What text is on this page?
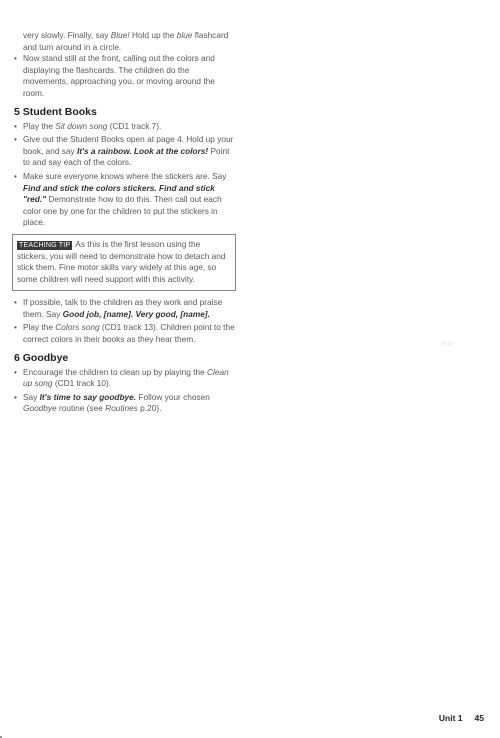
very slowly. Finally, say Blue! Hold up the blue flashcard and turn around in a circle.

• Now stand still at the front, calling out the colors and displaying the flashcards. The children do the movements, approaching you, or moving around the room.
5 Student Books
• Play the Sit down song (CD1 track 7).
• Give out the Student Books open at page 4. Hold up your book, and say It's a rainbow. Look at the colors! Point to and say each of the colors.
• Make sure everyone knows where the stickers are. Say Find and stick the colors stickers. Find and stick "red." Demonstrate how to do this. Then call out each color one by one for the children to put the stickers in place.
TEACHING TIP As this is the first lesson using the stickers, you will need to demonstrate how to detach and stick them. Fine motor skills vary widely at this age, so some children will need support with this activity.
• If possible, talk to the children as they work and praise them. Say Good job, [name]. Very good, [name].
• Play the Colors song (CD1 track 13). Children point to the correct colors in their books as they hear them.
6 Goodbye
• Encourage the children to clean up by playing the Clean up song (CD1 track 10).
• Say It's time to say goodbye. Follow your chosen Goodbye routine (see Routines p.20).
ISDI
Unit 1 45
